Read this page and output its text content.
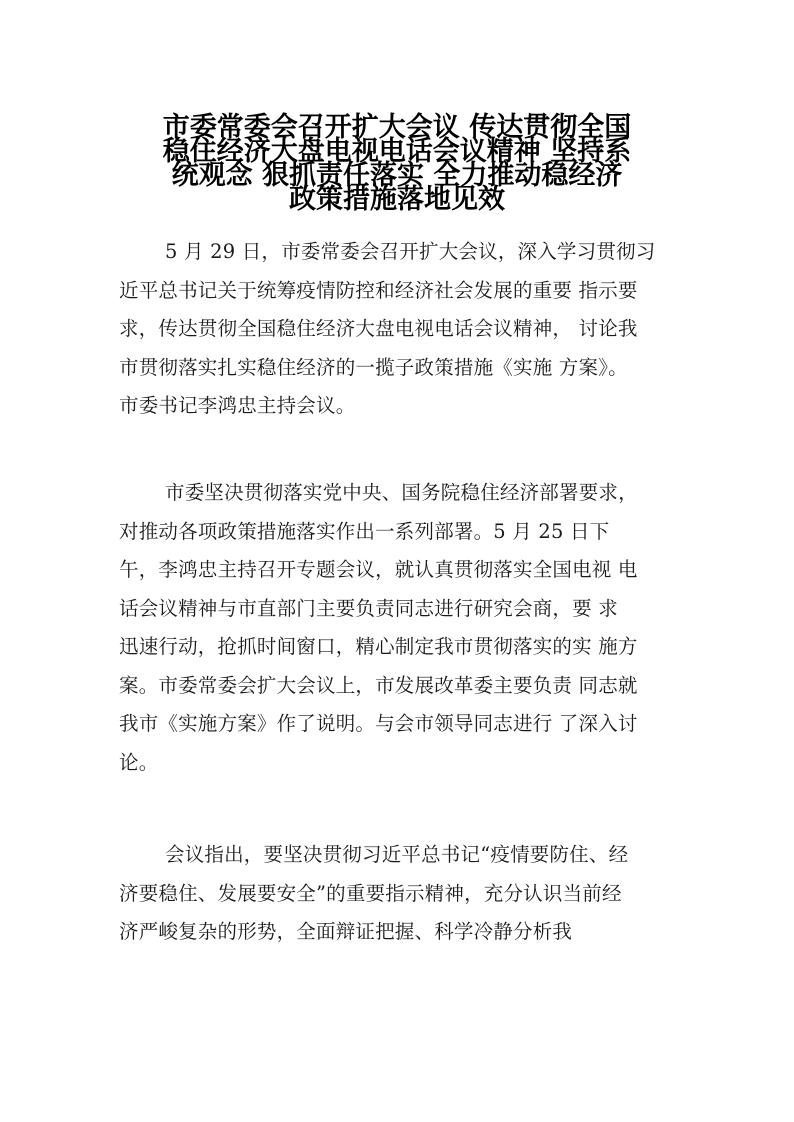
市委常委会召开扩大会议 传达贯彻全国
稳住经济大盘电视电话会议精神 坚持系
统观念 狠抓责任落实 全力推动稳经济
政策措施落地见效
5 月 29 日，市委常委会召开扩大会议，深入学习贯彻习
近平总书记关于统筹疫情防控和经济社会发展的重要 指示要
求，传达贯彻全国稳住经济大盘电视电话会议精神， 讨论我
市贯彻落实扎实稳住经济的一揽子政策措施《实施 方案》。
市委书记李鸿忠主持会议。
市委坚决贯彻落实党中央、国务院稳住经济部署要求，
对推动各项政策措施落实作出一系列部署。5 月 25 日下
午，李鸿忠主持召开专题会议，就认真贯彻落实全国电视 电
话会议精神与市直部门主要负责同志进行研究会商，要 求
迅速行动，抢抓时间窗口，精心制定我市贯彻落实的实 施方
案。市委常委会扩大会议上，市发展改革委主要负责 同志就
我市《实施方案》作了说明。与会市领导同志进行 了深入讨
论。
会议指出，要坚决贯彻习近平总书记“疫情要防住、经
济要稳住、发展要安全”的重要指示精神，充分认识当前经
济严峻复杂的形势，全面辩证把握、科学冷静分析我
